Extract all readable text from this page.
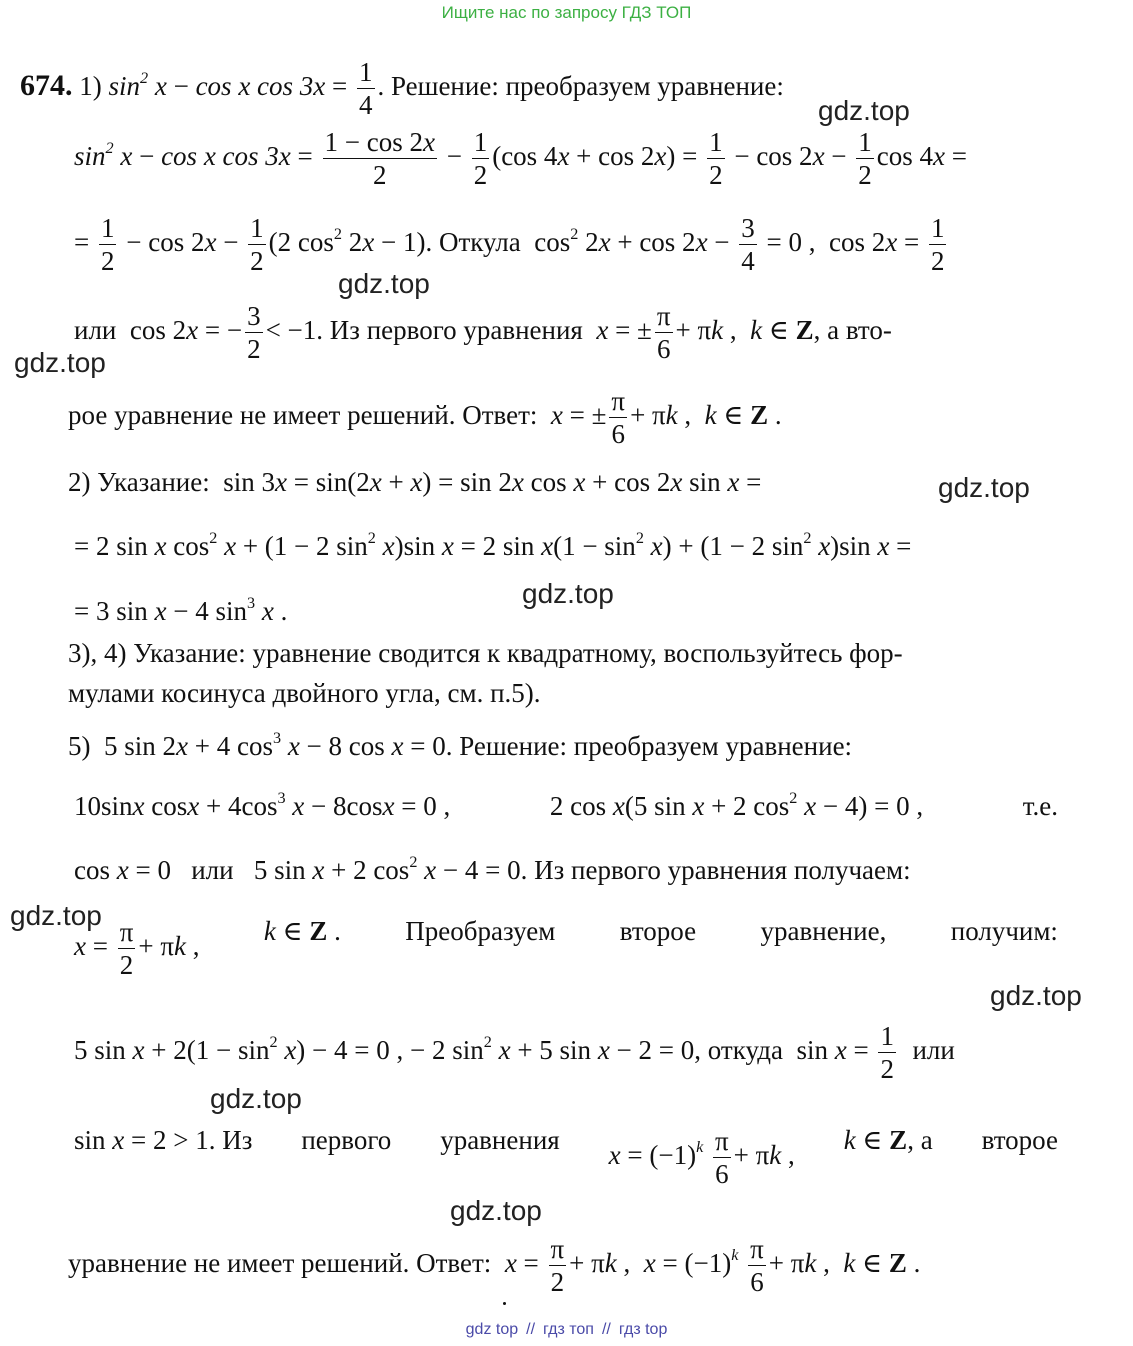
Ищите нас по запросу ГДЗ ТОП
674. 1) $\sin^2 x - \cos x$ $\cos 3x = \frac{1}{4}$ . Решение: преобразуем уравнение:
$\sin^2 x - \cos x$ $\cos 3x = \frac{1 - \cos 2x}{2} - \frac{1}{2} (\cos$ $4x + \cos 2x) = \frac{1}{2} - \cos 2x - \frac{1}{2}$ cos 4x =
= $\frac{1}{2} - \cos 2x - \frac{1}{2} (2$ $\cos^2 2x - 1$). Откула  $\cos^2 2x + \cos 2x - \frac{3}{4} = 0$ ,  $\cos 2x = \frac{1}{2}$
или  cos 2x = − $\frac{3}{2} < -1$. Из первого уравнения x = ± $\frac{\pi}{6} + \pi k$ ,  k ∈ Z, а вто-
рое уравнение не имеет решений. Ответ: x = ± $\frac{\pi}{6} + \pi k$ ,  k ∈ Z .
2) Указание:  sin 3x = sin(2x + x) = sin 2x cos x + cos 2x sin x =
= 2 sin x $\cos^2 x + (1 - 2$ $\sin^2 x)\sin$ x = 2 $\sin x(1 - \sin^2 x) + (1 - 2$ $\sin^2 x)\sin$ x =
= 3 sin x − 4 $\sin^3 x$ .
3), 4) Указание: уравнение сводится к квадратному, воспользуйтесь фор-
мулами косинуса двойного угла, см. п.5).
5)  5 sin 2x + 4 $\cos^3 x - 8$ cos x = 0. Решение: преобразуем уравнение:
10sinx $\cos x + 4\cos^3$ x − 8cosx = 0 ,	2 cos x(5 sin x + 2 $\cos^2 x - 4) = 0$ ,	т.е.
cos x = 0   или   5 sin x + 2 $\cos^2 x - 4 = 0$. Из первого уравнения получаем:
$x = \frac{\pi}{2} + \pi k$ ,
k ∈ Z . Преобразуем второе уравнение, получим:
5 $\sin x + 2(1 - \sin^2 x) - 4 = 0$ , − 2 $\sin^2 x + 5$ sin x − 2 = 0, откуда  $\sin x = \frac{1}{2}$ или
sin x = 2 > 1. Из первого уравнения
$x = (-1)^k \frac{\pi}{6} + \pi k$ ,
k ∈ Z, а второе
уравнение не имеет решений. Ответ: $x = \frac{\pi}{2} + \pi k$ ,  $x = (-1)^k \frac{\pi}{6} + \pi k$ ,  k ∈ Z .
gdz.top
gdz.top
gdz.top
gdz.top
gdz.top
gdz.top
gdz.top
gdz.top
gdz.top
gdz top // гдз топ // гдз top
